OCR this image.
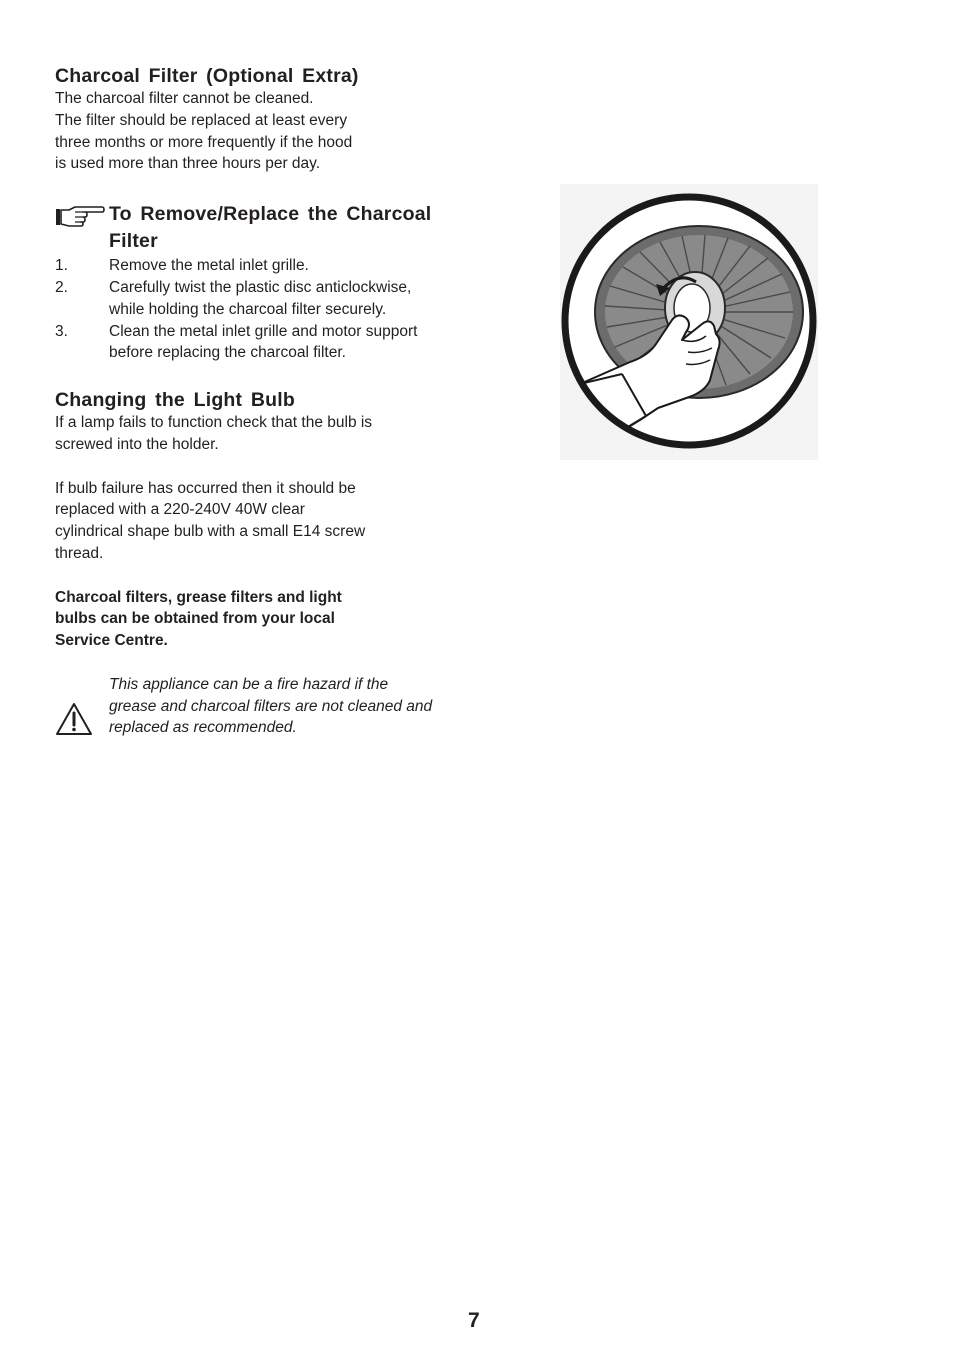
Charcoal Filter (Optional Extra)

The charcoal filter cannot be cleaned.

The filter should be replaced at least every

three months or more frequently if the hood

is used more than three hours per day.

To Remove/Replace the Charcoal
Filter
1.	Remove the metal inlet grille.
2.	Carefully twist the plastic disc anticlockwise,
while holding the charcoal filter securely.
3.	Clean the metal inlet grille and motor support
before replacing the charcoal filter.
Changing the Light Bulb

If a lamp fails to function check that the bulb is

screwed into the holder.

If bulb failure has occurred then it should be

replaced with a 220-240V 40W clear

cylindrical shape bulb with a small E14 screw

thread.

Charcoal filters, grease filters and light

bulbs can be obtained from your local

Service Centre.

This appliance can be a fire hazard if the

grease and charcoal filters are not cleaned and

replaced as recommended.

7
